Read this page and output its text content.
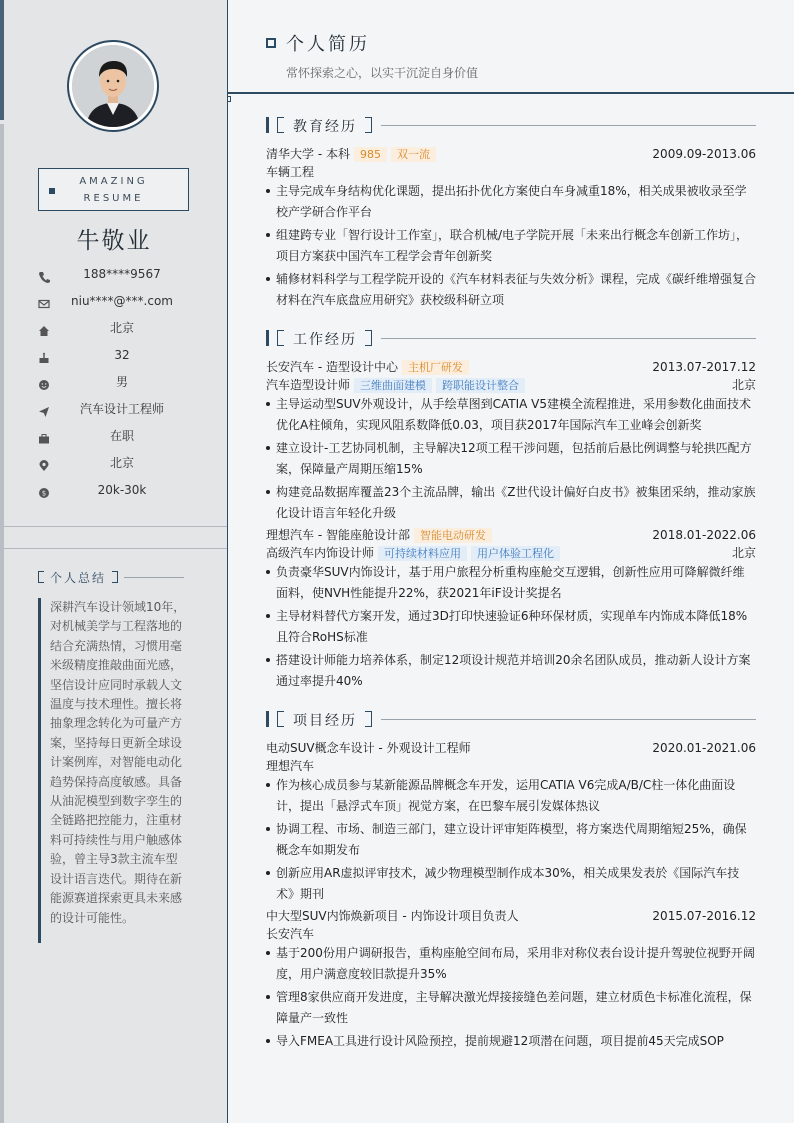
AMAZING
RESUME
牛敬业
188****9567
niu****@***.com
北京
32
男
汽车设计工程师
在职
北京
$	20k-30k
个人总结
深耕汽车设计领域10年，对机械美学与工程落地的结合充满热情，习惯用毫米级精度推敲曲面光感，坚信设计应同时承载人文温度与技术理性。擅长将抽象理念转化为可量产方案，坚持每日更新全球设计案例库，对智能电动化趋势保持高度敏感。具备从油泥模型到数字孪生的全链路把控能力，注重材料可持续性与用户触感体验，曾主导3款主流车型设计语言迭代。期待在新能源赛道探索更具未来感的设计可能性。
个人简历
常怀探索之心，以实干沉淀自身价值
教育经历
清华大学 - 本科 985 双一流	2009.09-2013.06
车辆工程
主导完成车身结构优化课题，提出拓扑优化方案使白车身减重18%，相关成果被收录至学校产学研合作平台
组建跨专业「智行设计工作室」，联合机械/电子学院开展「未来出行概念车创新工作坊」，项目方案获中国汽车工程学会青年创新奖
辅修材料科学与工程学院开设的《汽车材料表征与失效分析》课程，完成《碳纤维增强复合材料在汽车底盘应用研究》获校级科研立项
工作经历
长安汽车 - 造型设计中心 主机厂研发	2013.07-2017.12
汽车造型设计师 三维曲面建模 跨职能设计整合	北京
主导运动型SUV外观设计，从手绘草图到CATIA V5建模全流程推进，采用参数化曲面技术优化A柱倾角，实现风阻系数降低0.03，项目获2017年国际汽车工业峰会创新奖
建立设计-工艺协同机制，主导解决12项工程干涉问题，包括前后悬比例调整与轮拱匹配方案，保障量产周期压缩15%
构建竞品数据库覆盖23个主流品牌，输出《Z世代设计偏好白皮书》被集团采纳，推动家族化设计语言年轻化升级
理想汽车 - 智能座舱设计部 智能电动研发	2018.01-2022.06
高级汽车内饰设计师 可持续材料应用 用户体验工程化	北京
负责豪华SUV内饰设计，基于用户旅程分析重构座舱交互逻辑，创新性应用可降解微纤维面料，使NVH性能提升22%，获2021年iF设计奖提名
主导材料替代方案开发，通过3D打印快速验证6种环保材质，实现单车内饰成本降低18%且符合RoHS标准
搭建设计师能力培养体系，制定12项设计规范并培训20余名团队成员，推动新人设计方案通过率提升40%
项目经历
电动SUV概念车设计 - 外观设计工程师	2020.01-2021.06
理想汽车
作为核心成员参与某新能源品牌概念车开发，运用CATIA V6完成A/B/C柱一体化曲面设计，提出「悬浮式车顶」视觉方案，在巴黎车展引发媒体热议
协调工程、市场、制造三部门，建立设计评审矩阵模型，将方案迭代周期缩短25%，确保概念车如期发布
创新应用AR虚拟评审技术，减少物理模型制作成本30%，相关成果发表於《国际汽车技术》期刊
中大型SUV内饰焕新项目 - 内饰设计项目负责人	2015.07-2016.12
长安汽车
基于200份用户调研报告，重构座舱空间布局，采用非对称仪表台设计提升驾驶位视野开阔度，用户满意度较旧款提升35%
管理8家供应商开发进度，主导解决激光焊接接缝色差问题，建立材质色卡标准化流程，保障量产一致性
导入FMEA工具进行设计风险预控，提前规避12项潜在问题，项目提前45天完成SOP
